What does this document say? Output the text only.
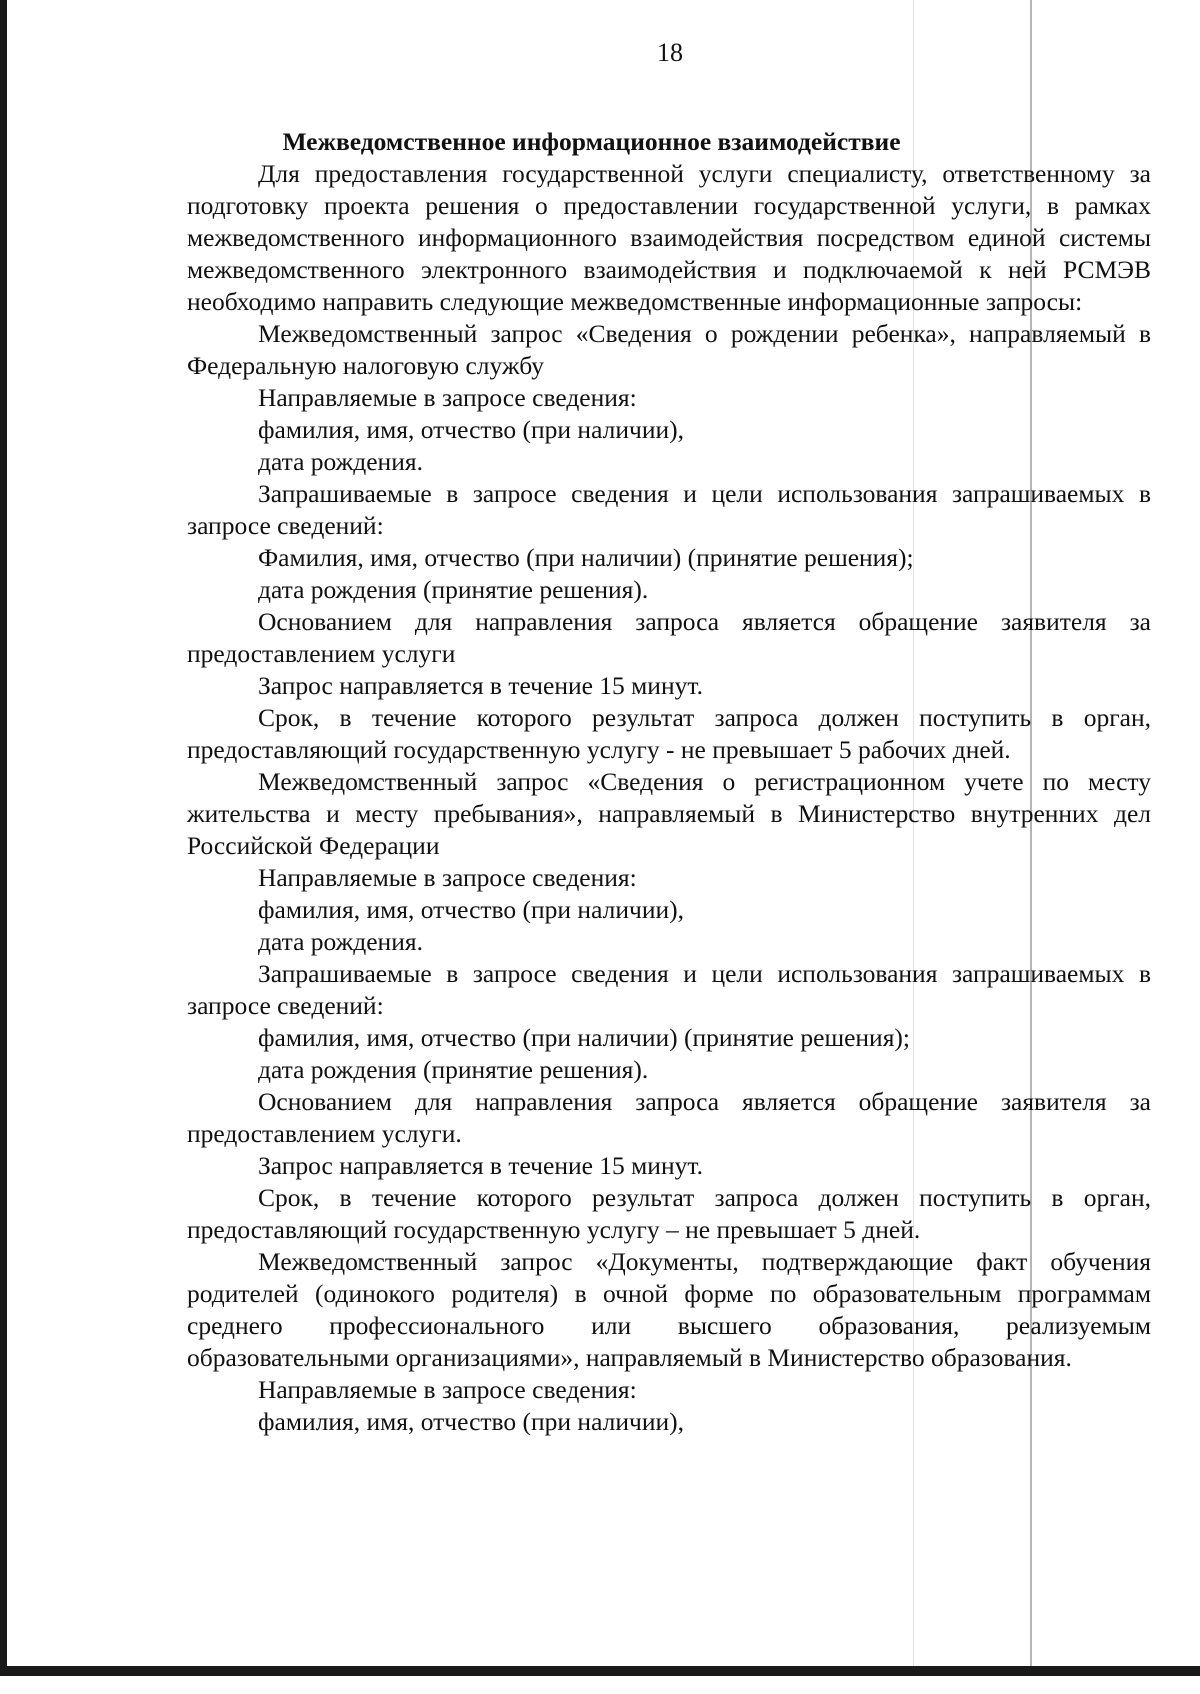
18

Межведомственное информационное взаимодействие

Для предоставления государственной услуги специалисту, ответственному за подготовку проекта решения о предоставлении государственной услуги, в рамках межведомственного информационного взаимодействия посредством единой системы межведомственного электронного взаимодействия и подключаемой к ней РСМЭВ необходимо направить следующие межведомственные информационные запросы:

Межведомственный запрос «Сведения о рождении ребенка», направляемый в Федеральную налоговую службу

Направляемые в запросе сведения:

фамилия, имя, отчество (при наличии),

дата рождения.

Запрашиваемые в запросе сведения и цели использования запрашиваемых в запросе сведений:

Фамилия, имя, отчество (при наличии) (принятие решения);

дата рождения (принятие решения).

Основанием для направления запроса является обращение заявителя за предоставлением услуги

Запрос направляется в течение 15 минут.

Срок, в течение которого результат запроса должен поступить в орган, предоставляющий государственную услугу - не превышает 5 рабочих дней.

Межведомственный запрос «Сведения о регистрационном учете по месту жительства и месту пребывания», направляемый в Министерство внутренних дел Российской Федерации

Направляемые в запросе сведения:

фамилия, имя, отчество (при наличии),

дата рождения.

Запрашиваемые в запросе сведения и цели использования запрашиваемых в запросе сведений:

фамилия, имя, отчество (при наличии) (принятие решения);

дата рождения (принятие решения).

Основанием для направления запроса является обращение заявителя за предоставлением услуги.

Запрос направляется в течение 15 минут.

Срок, в течение которого результат запроса должен поступить в орган, предоставляющий государственную услугу – не превышает 5 дней.

Межведомственный запрос «Документы, подтверждающие факт обучения родителей (одинокого родителя) в очной форме по образовательным программам среднего профессионального или высшего образования, реализуемым образовательными организациями», направляемый в Министерство образования.

Направляемые в запросе сведения:

фамилия, имя, отчество (при наличии),
